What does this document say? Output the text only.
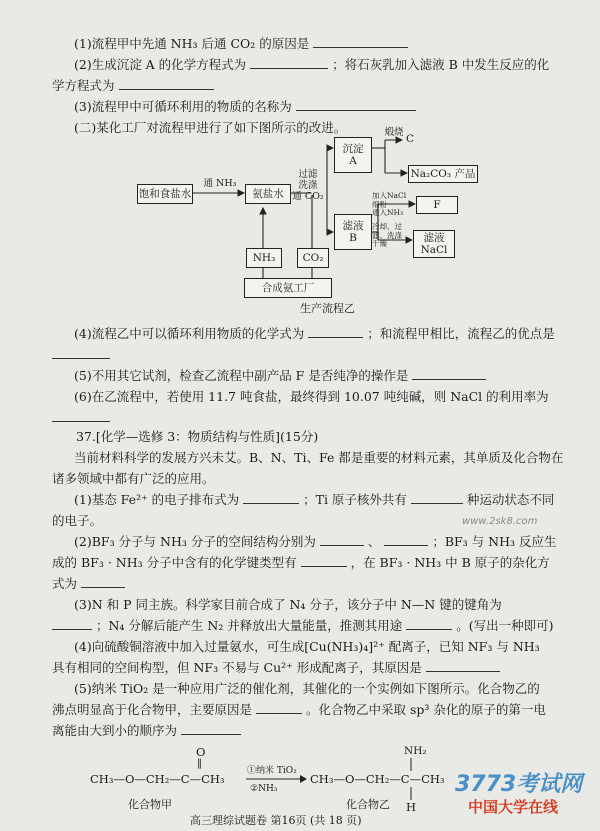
(1)流程甲中先通 NH₃ 后通 CO₂ 的原因是
(2)生成沉淀 A 的化学方程式为	；将石灰乳加入滤液 B 中发生反应的化
学方程式为
(3)流程甲中可循环利用的物质的名称为
(二)某化工厂对流程甲进行了如下图所示的改进。
饱和食盐水
通 NH₃
氨盐水
过滤
洗涤
通 CO₂
沉淀
A
煅烧
C
Na₂CO₃ 产品
滤液
B
加入NaCl
细粉
通入NH₃
冷却、过
滤、洗涤
干燥
F
滤液
NaCl
NH₃	CO₂
合成氨工厂
生产流程乙
(4)流程乙中可以循环利用物质的化学式为	；和流程甲相比，流程乙的优点是
(5)不用其它试剂，检查乙流程中副产品 F 是否纯净的操作是
(6)在乙流程中，若使用 11.7 吨食盐，最终得到 10.07 吨纯碱，则 NaCl 的利用率为
37.[化学—选修 3：物质结构与性质](15分)
当前材料科学的发展方兴未艾。B、N、Ti、Fe 都是重要的材料元素，其单质及化合物在
诸多领域中都有广泛的应用。
(1)基态 Fe²⁺ 的电子排布式为	；Ti 原子核外共有	种运动状态不同
的电子。
(2)BF₃ 分子与 NH₃ 分子的空间结构分别为	、	；BF₃ 与 NH₃ 反应生
成的 BF₃ · NH₃ 分子中含有的化学键类型有	，在 BF₃ · NH₃ 中 B 原子的杂化方
式为
(3)N 和 P 同主族。科学家目前合成了 N₄ 分子，该分子中 N—N 键的键角为
；N₄ 分解后能产生 N₂ 并释放出大量能量，推测其用途	。(写出一种即可)
(4)向硫酸铜溶液中加入过量氨水，可生成[Cu(NH₃)₄]²⁺ 配离子，已知 NF₃ 与 NH₃
具有相同的空间构型，但 NF₃ 不易与 Cu²⁺ 形成配离子，其原因是
(5)纳米 TiO₂ 是一种应用广泛的催化剂，其催化的一个实例如下图所示。化合物乙的
沸点明显高于化合物甲，主要原因是	。化合物乙中采取 sp³ 杂化的原子的第一电
离能由大到小的顺序为
O
‖
CH₃—O—CH₂—C—CH₃
化合物甲
①纳米 TiO₂
②NH₃
NH₂
CH₃—O—CH₂—C—CH₃
H
化合物乙
www.2sk8.com
3773考试网
中国大学在线
高三理综试题卷 第16页 (共 18 页)
